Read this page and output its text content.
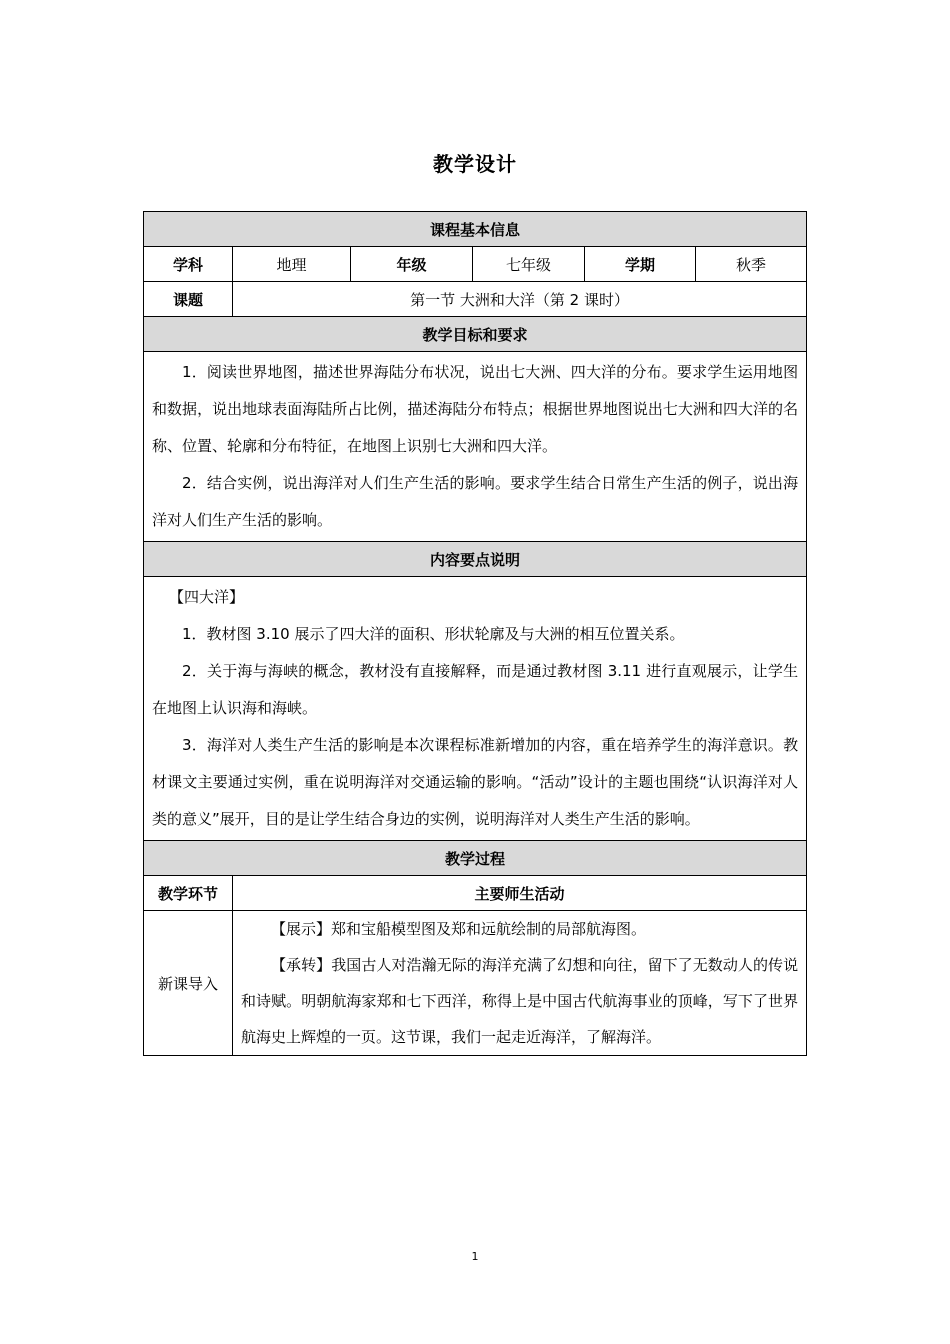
教学设计
课程基本信息					
学科	地理	年级	七年级	学期	秋季
课题	第一节 大洲和大洋（第 2 课时）				
教学目标和要求					

1．阅读世界地图，描述世界海陆分布状况，说出七大洲、四大洋的分布。要求学生运用地图和数据，说出地球表面海陆所占比例，描述海陆分布特点；根据世界地图说出七大洲和四大洋的名称、位置、轮廓和分布特征，在地图上识别七大洲和四大洋。

2．结合实例，说出海洋对人们生产生活的影响。要求学生结合日常生产生活的例子，说出海洋对人们生产生活的影响。					

内容要点说明					

【四大洋】

1．教材图 3.10 展示了四大洋的面积、形状轮廓及与大洲的相互位置关系。

2．关于海与海峡的概念，教材没有直接解释，而是通过教材图 3.11 进行直观展示，让学生在地图上认识海和海峡。

3．海洋对人类生产生活的影响是本次课程标准新增加的内容，重在培养学生的海洋意识。教材课文主要通过实例，重在说明海洋对交通运输的影响。“活动”设计的主题也围绕“认识海洋对人类的意义”展开，目的是让学生结合身边的实例，说明海洋对人类生产生活的影响。					

教学过程					
教学环节	主要师生活动				
新课导入	【展示】郑和宝船模型图及郑和远航绘制的局部航海图。

【承转】我国古人对浩瀚无际的海洋充满了幻想和向往，留下了无数动人的传说和诗赋。明朝航海家郑和七下西洋，称得上是中国古代航海事业的顶峰，写下了世界航海史上辉煌的一页。这节课，我们一起走近海洋，了解海洋。				

1
